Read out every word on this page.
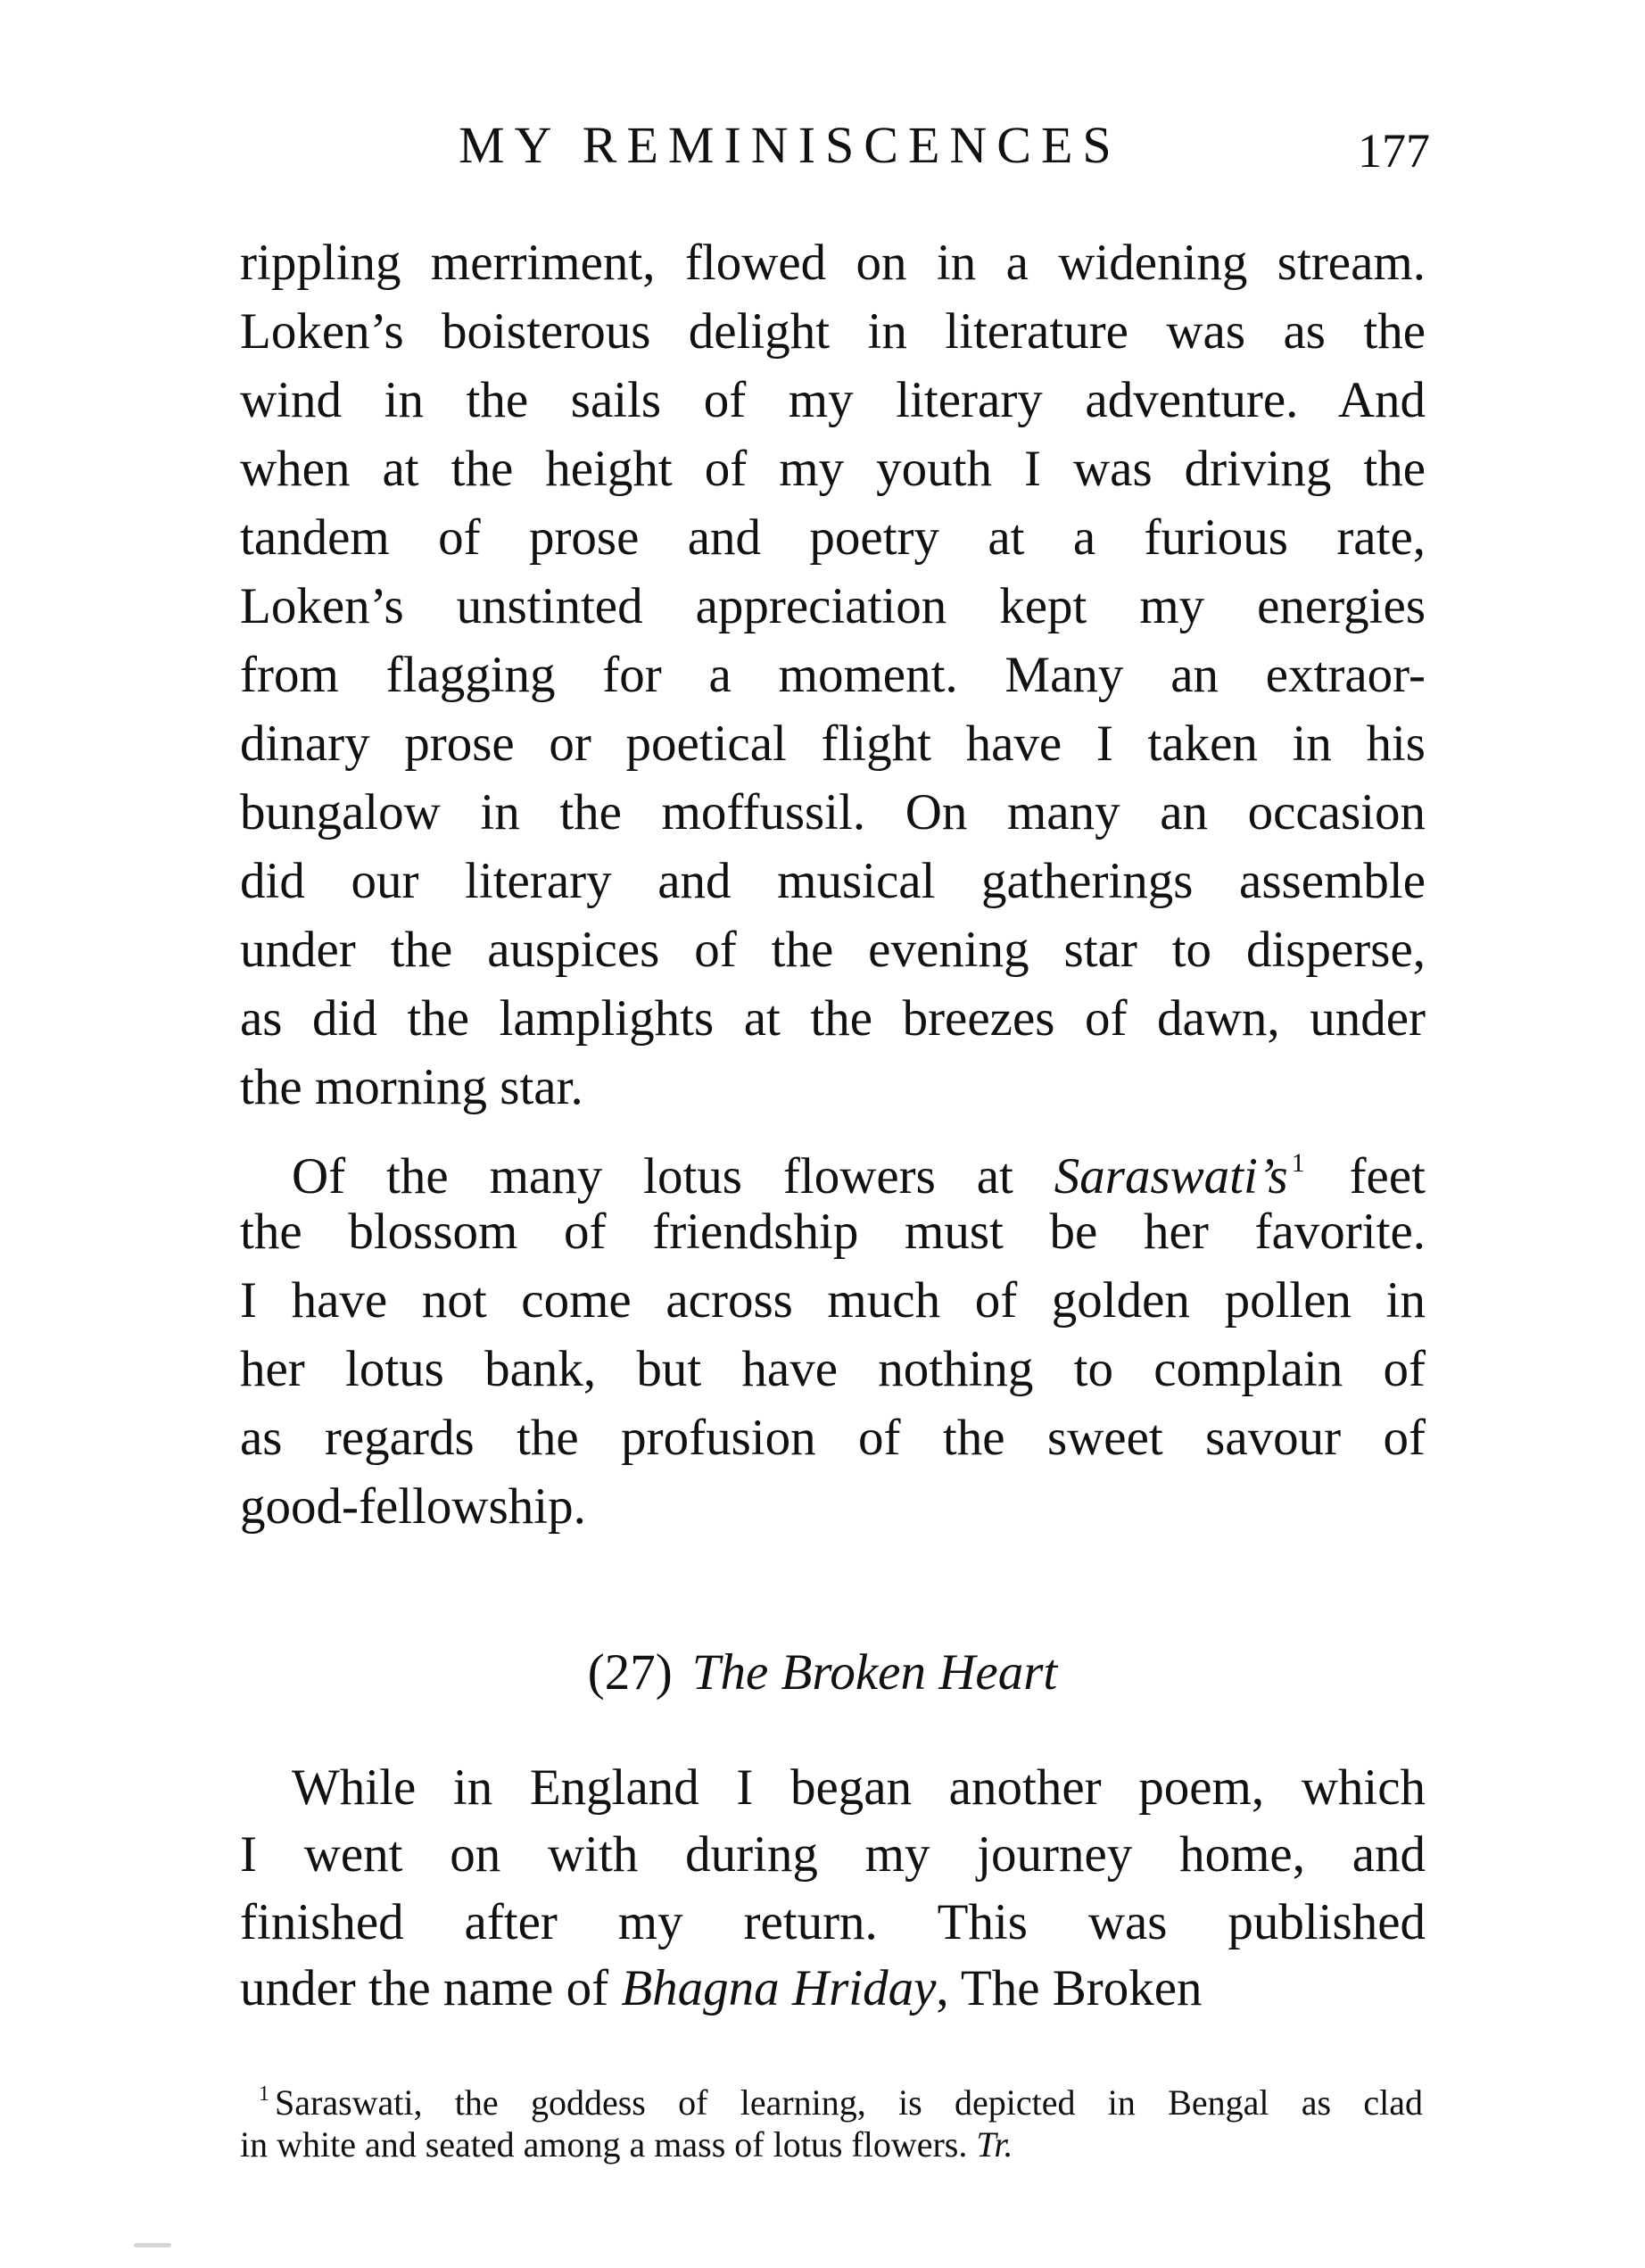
MY REMINISCENCES	177
rippling merriment, flowed on in a widening stream.
Loken’s boisterous delight in literature was as the
wind in the sails of my literary adventure. And
when at the height of my youth I was driving the
tandem of prose and poetry at a furious rate,
Loken’s unstinted appreciation kept my energies
from flagging for a moment. Many an extraor-
dinary prose or poetical flight have I taken in his
bungalow in the moffussil. On many an occasion
did our literary and musical gatherings assemble
under the auspices of the evening star to disperse,
as did the lamplights at the breezes of dawn, under
the morning star.
Of the many lotus flowers at Saraswati’s $^1$ feet
the blossom of friendship must be her favorite.
I have not come across much of golden pollen in
her lotus bank, but have nothing to complain of
as regards the profusion of the sweet savour of
good-fellowship.
While in England I began another poem, which
I went on with during my journey home, and
finished after my return. This was published
under the name of Bhagna Hriday, The Broken
(27) The Broken Heart
$^1$ Saraswati, the goddess of learning, is depicted in Bengal as clad
in white and seated among a mass of lotus flowers. Tr.
